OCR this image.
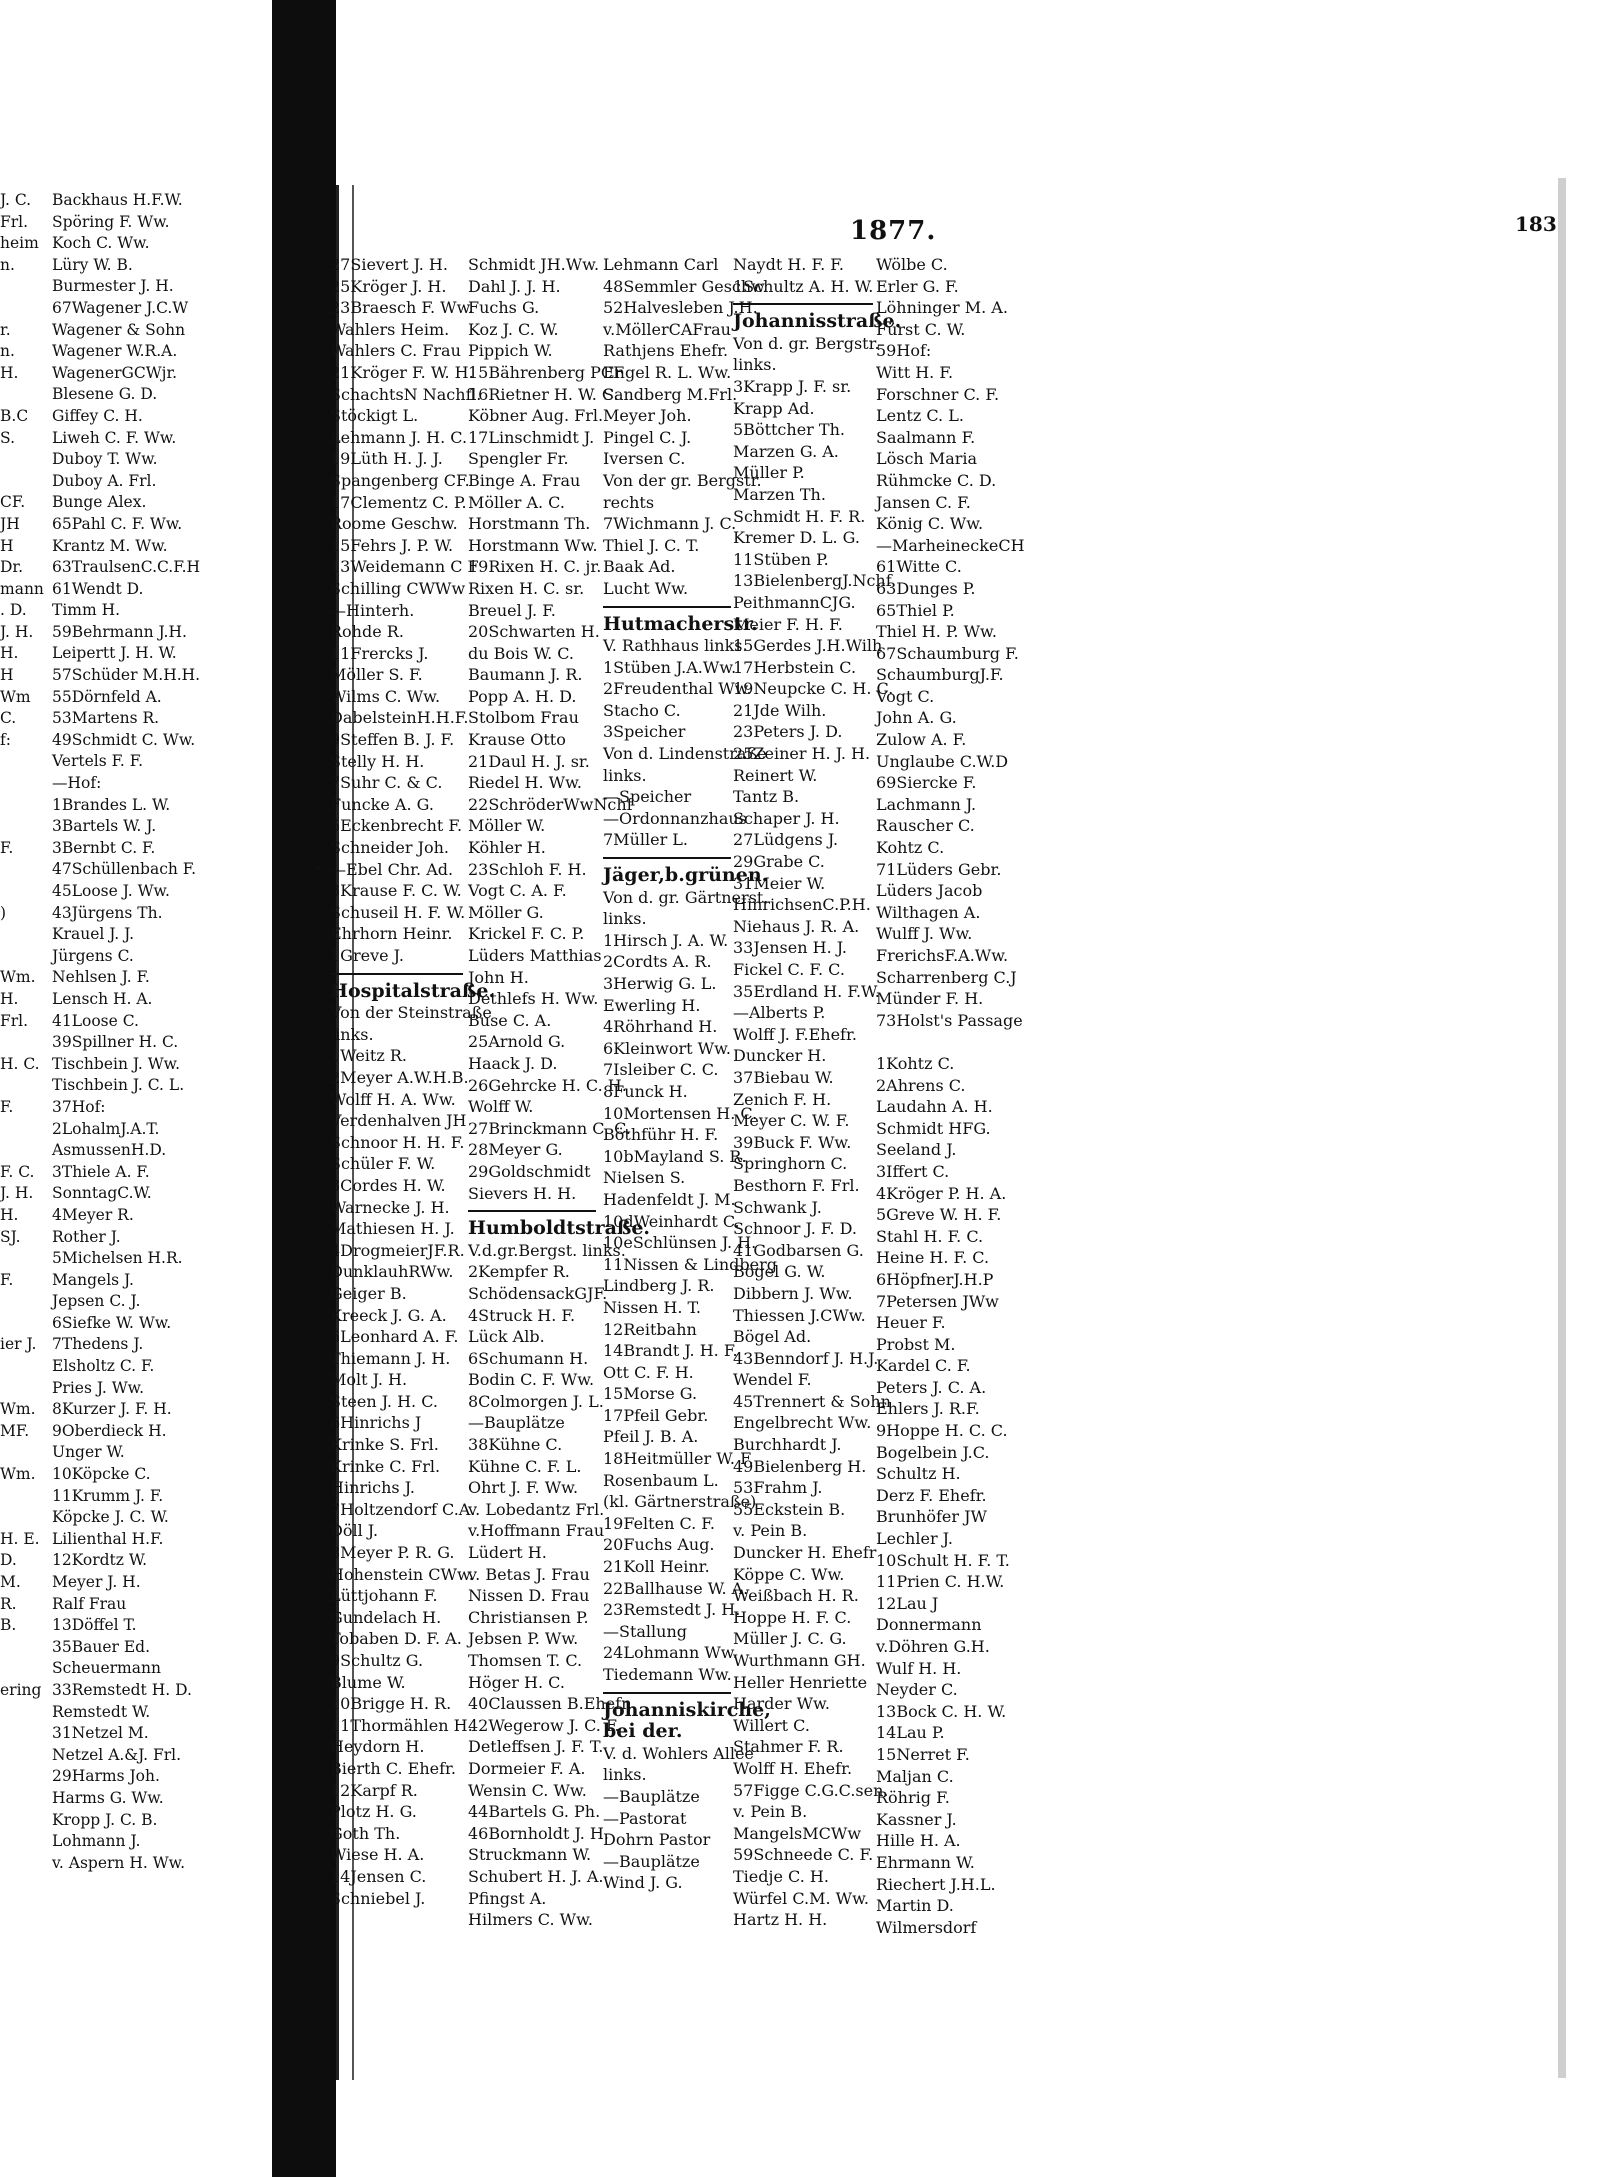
1877.	183
J. C.
Frl.
heim
n.
r.
n.
H.
B.C
S.
CF.
JH
H
Dr.
mann
. D.
J. H.
H.
H
Wm
C.
f:
F.
)
Wm.
H.
Frl.
H. C.
F.
F. C.
J. H.
H.
SJ.
F.
ier J.
Wm.
MF.
Wm.
H. E.
D.
M.
R.
B.
ering
Backhaus H.F.W.
Spöring F. Ww.
Koch C. Ww.
Lüry W. B.
Burmester J. H.
67Wagener J.C.W
Wagener & Sohn
Wagener W.R.A.
WagenerGCWjr.
Blesene G. D.
Giffey C. H.
Liweh C. F. Ww.
Duboy T. Ww.
Duboy A. Frl.
Bunge Alex.
65Pahl C. F. Ww.
Krantz M. Ww.
63TraulsenC.C.F.H
61Wendt D.
Timm H.
59Behrmann J.H.
Leipertt J. H. W.
57Schüder M.H.H.
55Dörnfeld A.
53Martens R.
49Schmidt C. Ww.
Vertels F. F.
—Hof:
1Brandes L. W.
3Bartels W. J.
3Bernbt C. F.
47Schüllenbach F.
45Loose J. Ww.
43Jürgens Th.
Krauel J. J.
Jürgens C.
Nehlsen J. F.
Lensch H. A.
41Loose C.
39Spillner H. C.
Tischbein J. Ww.
Tischbein J. C. L.
37Hof:
2LohalmJ.A.T.
AsmussenH.D.
3Thiele A. F.
SonntagC.W.
4Meyer R.
Rother J.
5Michelsen H.R.
Mangels J.
Jepsen C. J.
6Siefke W. Ww.
7Thedens J.
Elsholtz C. F.
Pries J. Ww.
8Kurzer J. F. H.
9Oberdieck H.
Unger W.
10Köpcke C.
11Krumm J. F.
Köpcke J. C. W.
Lilienthal H.F.
12Kordtz W.
Meyer J. H.
Ralf Frau
13Döffel T.
35Bauer Ed.
Scheuermann
33Remstedt H. D.
Remstedt W.
31Netzel M.
Netzel A.&J. Frl.
29Harms Joh.
Harms G. Ww.
Kropp J. C. B.
Lohmann J.
v. Aspern H. Ww.
27Sievert J. H.
25Kröger J. H.
23Braesch F. Ww.
Wahlers Heim.
Wahlers C. Frau
21Kröger F. W. H.
SchachtsN Nachfl.
Stöckigt L.
Lehmann J. H. C.
19Lüth H. J. J.
Spangenberg CF.
17Clementz C. P.
Roome Geschw.
15Fehrs J. P. W.
13Weidemann C F
Schilling CWWw
—Hinterh.
Rohde R.
11Frercks J.
Möller S. F.
Wilms C. Ww.
DabelsteinH.H.F.
9Steffen B. J. F.
Stelly H. H.
7Suhr C. & C.
Funcke A. G.
5Eckenbrecht F.
Schneider Joh.
—Ebel Chr. Ad.
3Krause F. C. W.
Schuseil H. F. W.
Ehrhorn Heinr.
1Greve J.
Hospitalstraße.
Von der Steinstraße
links.
1Weitz R.
2Meyer A.W.H.B.
Wolff H. A. Ww.
Verdenhalven JH
Schnoor H. H. F.
Schüler F. W.
3Cordes H. W.
Warnecke J. H.
Mathiesen H. J.
4DrogmeierJF.R.
DunklauhRWw.
Geiger B.
Kreeck J. G. A.
5Leonhard A. F.
Thiemann J. H.
Molt J. H.
Steen J. H. C.
6Hinrichs J
Krinke S. Frl.
Krinke C. Frl.
Hinrichs J.
7Holtzendorf C.A.
Döll J.
8Meyer P. R. G.
Hohenstein CWw.
Lüttjohann F.
Gundelach H.
Tobaben D. F. A.
9Schultz G.
Blume W.
10Brigge H. R.
11Thormählen H.
Heydorn H.
Bierth C. Ehefr.
12Karpf R.
Plotz H. G.
Goth Th.
Wiese H. A.
14Jensen C.
Schniebel J.
Schmidt JH.Ww.
Dahl J. J. H.
Fuchs G.
Koz J. C. W.
Pippich W.
15Bährenberg PCF
16Rietner H. W. C.
Köbner Aug. Frl.
17Linschmidt J.
Spengler Fr.
Binge A. Frau
Möller A. C.
Horstmann Th.
Horstmann Ww.
19Rixen H. C. jr.
Rixen H. C. sr.
Breuel J. F.
20Schwarten H.
du Bois W. C.
Baumann J. R.
Popp A. H. D.
Stolbom Frau
Krause Otto
21Daul H. J. sr.
Riedel H. Ww.
22SchröderWwNchf
Möller W.
Köhler H.
23Schloh F. H.
Vogt C. A. F.
Möller G.
Krickel F. C. P.
Lüders Matthias
John H.
Dethlefs H. Ww.
Buse C. A.
25Arnold G.
Haack J. D.
26Gehrcke H. C. H.
Wolff W.
27Brinckmann C. C.
28Meyer G.
29Goldschmidt
Sievers H. H.
Humboldtstraße.
V.d.gr.Bergst. links.
2Kempfer R.
SchödensackGJF.
4Struck H. F.
Lück Alb.
6Schumann H.
Bodin C. F. Ww.
8Colmorgen J. L.
—Bauplätze
38Kühne C.
Kühne C. F. L.
Ohrt J. F. Ww.
v. Lobedantz Frl.
v.Hoffmann Frau
Lüdert H.
v. Betas J. Frau
Nissen D. Frau
Christiansen P.
Jebsen P. Ww.
Thomsen T. C.
Höger H. C.
40Claussen B.Ehefr.
42Wegerow J. C. F.
Detleffsen J. F. T.
Dormeier F. A.
Wensin C. Ww.
44Bartels G. Ph.
46Bornholdt J. H.
Struckmann W.
Schubert H. J. A.
Pfingst A.
Hilmers C. Ww.
Lehmann Carl
48Semmler Geschw.
52Halvesleben J.H.
v.MöllerCAFrau
Rathjens Ehefr.
Engel R. L. Ww.
Sandberg M.Frl.
Meyer Joh.
Pingel C. J.
Iversen C.
Von der gr. Bergstr.
rechts
7Wichmann J. C.
Thiel J. C. T.
Baak Ad.
Lucht Ww.
Hutmacherstr.
V. Rathhaus links.
1Stüben J.A.Ww.
2Freudenthal Ww.
Stacho C.
3Speicher
Von d. Lindenstraße
links.
—Speicher
—Ordonnanzhaus
7Müller L.
Jäger,b.grünen.
Von d. gr. Gärtnerst.
links.
1Hirsch J. A. W.
2Cordts A. R.
3Herwig G. L.
Ewerling H.
4Röhrhand H.
6Kleinwort Ww.
7Isleiber C. C.
8Funck H.
10Mortensen H. C.
Böthführ H. F.
10bMayland S. R.
Nielsen S.
Hadenfeldt J. M.
10dWeinhardt C.
10eSchlünsen J. H.
11Nissen & Lindberg
Lindberg J. R.
Nissen H. T.
12Reitbahn
14Brandt J. H. F.
Ott C. F. H.
15Morse G.
17Pfeil Gebr.
Pfeil J. B. A.
18Heitmüller W. F.
Rosenbaum L.
(kl. Gärtnerstraße)
19Felten C. F.
20Fuchs Aug.
21Koll Heinr.
22Ballhause W. A.
23Remstedt J. H.
—Stallung
24Lohmann Ww.
Tiedemann Ww.
Johanniskirche,
bei der.
V. d. Wohlers Allee
links.
—Bauplätze
—Pastorat
Dohrn Pastor
—Bauplätze
Wind J. G.
Naydt H. F. F.
1Schultz A. H. W.
Johannisstraße.
Von d. gr. Bergstr.
links.
3Krapp J. F. sr.
Krapp Ad.
5Böttcher Th.
Marzen G. A.
Müller P.
Marzen Th.
Schmidt H. F. R.
Kremer D. L. G.
11Stüben P.
13BielenbergJ.Nchf.
PeithmannCJG.
Meier F. H. F.
15Gerdes J.H.Wilh
17Herbstein C.
19Neupcke C. H. C.
21Jde Wilh.
23Peters J. D.
25Zeiner H. J. H.
Reinert W.
Tantz B.
Schaper J. H.
27Lüdgens J.
29Grabe C.
31Meier W.
HinrichsenC.P.H.
Niehaus J. R. A.
33Jensen H. J.
Fickel C. F. C.
35Erdland H. F.W.
—Alberts P.
Wolff J. F.Ehefr.
Duncker H.
37Biebau W.
Zenich F. H.
Meyer C. W. F.
39Buck F. Ww.
Springhorn C.
Besthorn F. Frl.
Schwank J.
Schnoor J. F. D.
41Godbarsen G.
Bögel G. W.
Dibbern J. Ww.
Thiessen J.CWw.
Bögel Ad.
43Benndorf J. H.J.
Wendel F.
45Trennert & Sohn
Engelbrecht Ww.
Burchhardt J.
49Bielenberg H.
53Frahm J.
55Eckstein B.
v. Pein B.
Duncker H. Ehefr
Köppe C. Ww.
Weißbach H. R.
Hoppe H. F. C.
Müller J. C. G.
Wurthmann GH.
Heller Henriette
Harder Ww.
Willert C.
Stahmer F. R.
Wolff H. Ehefr.
57Figge C.G.C.sen.
v. Pein B.
MangelsMCWw
59Schneede C. F.
Tiedje C. H.
Würfel C.M. Ww.
Hartz H. H.
Wölbe C.
Erler G. F.
Löhninger M. A.
Fürst C. W.
59Hof:
Witt H. F.
Forschner C. F.
Lentz C. L.
Saalmann F.
Lösch Maria
Rühmcke C. D.
Jansen C. F.
König C. Ww.
—MarheineckeCH
61Witte C.
63Dunges P.
65Thiel P.
Thiel H. P. Ww.
67Schaumburg F.
SchaumburgJ.F.
Vogt C.
John A. G.
Zulow A. F.
Unglaube C.W.D
69Siercke F.
Lachmann J.
Rauscher C.
Kohtz C.
71Lüders Gebr.
Lüders Jacob
Wilthagen A.
Wulff J. Ww.
FrerichsF.A.Ww.
Scharrenberg C.J
Münder F. H.
73Holst's Passage
1Kohtz C.
2Ahrens C.
Laudahn A. H.
Schmidt HFG.
Seeland J.
3Iffert C.
4Kröger P. H. A.
5Greve W. H. F.
Stahl H. F. C.
Heine H. F. C.
6HöpfnerJ.H.P
7Petersen JWw
Heuer F.
Probst M.
Kardel C. F.
Peters J. C. A.
Ehlers J. R.F.
9Hoppe H. C. C.
Bogelbein J.C.
Schultz H.
Derz F. Ehefr.
Brunhöfer JW
Lechler J.
10Schult H. F. T.
11Prien C. H.W.
12Lau J
Donnermann
v.Döhren G.H.
Wulf H. H.
Neyder C.
13Bock C. H. W.
14Lau P.
15Nerret F.
Maljan C.
Röhrig F.
Kassner J.
Hille H. A.
Ehrmann W.
Riechert J.H.L.
Martin D.
Wilmersdorf
